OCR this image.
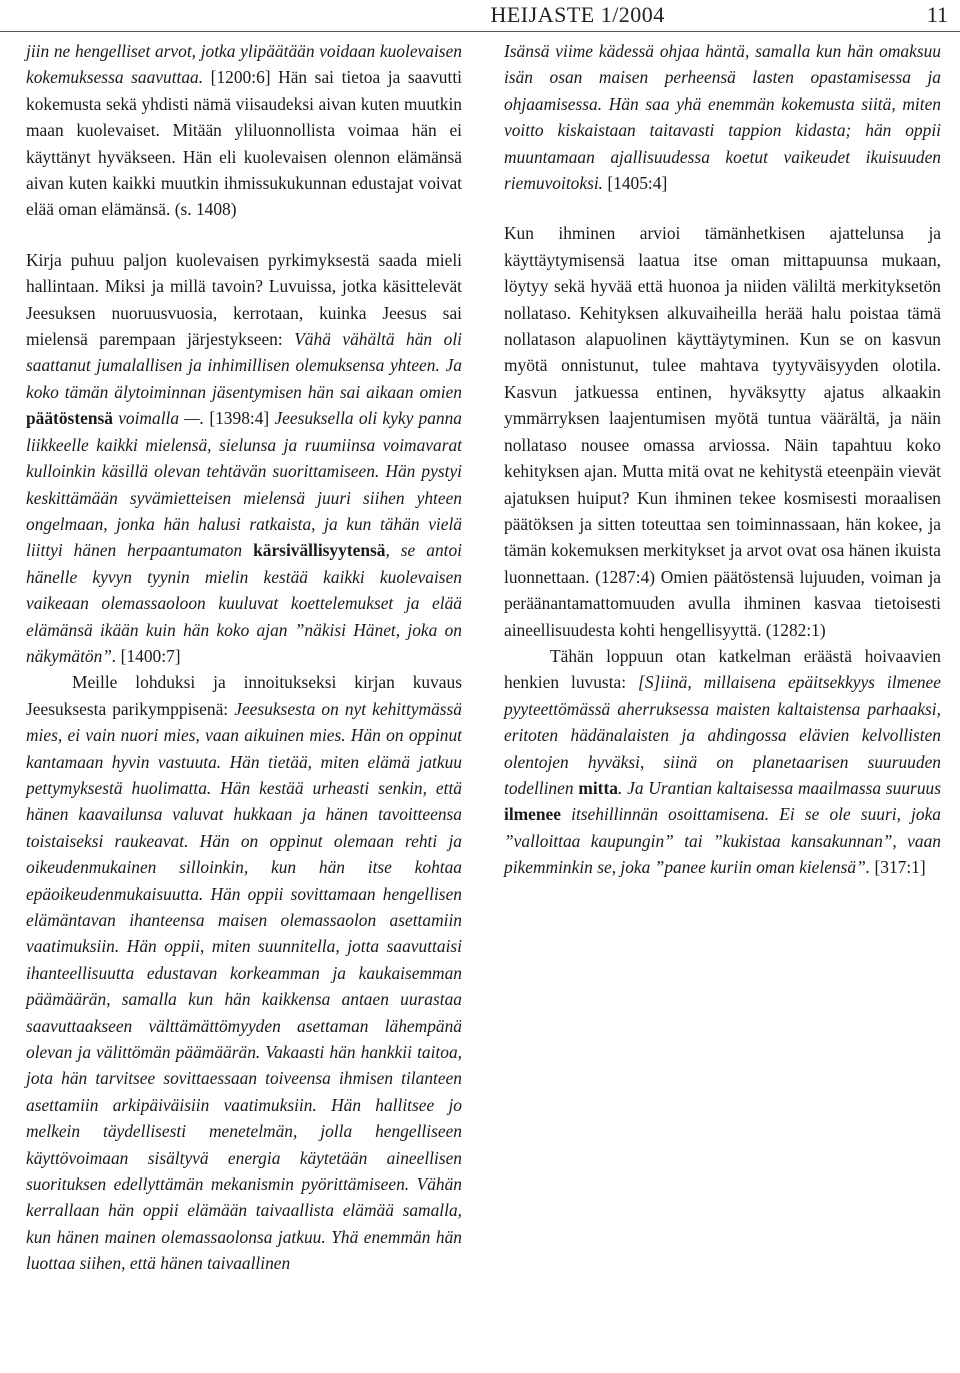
HEIJASTE 1/2004	11

jiin ne hengelliset arvot, jotka ylipäätään voidaan kuolevaisen kokemuksessa saavuttaa. [1200:6] Hän sai tietoa ja saavutti kokemusta sekä yhdisti nämä viisaudeksi aivan kuten muutkin maan kuolevaiset. Mitään yliluonnollista voimaa hän ei käyttänyt hyväkseen. Hän eli kuolevaisen olennon elämänsä aivan kuten kaikki muutkin ihmissukukunnan edustajat voivat elää oman elämänsä. (s. 1408)

Kirja puhuu paljon kuolevaisen pyrkimyksestä saada mieli hallintaan. Miksi ja millä tavoin? Luvuissa, jotka käsittelevät Jeesuksen nuoruusvuosia, kerrotaan, kuinka Jeesus sai mielensä parempaan järjestykseen: Vähä vähältä hän oli saattanut jumalallisen ja inhimillisen olemuksensa yhteen. Ja koko tämän älytoiminnan jäsentymisen hän sai aikaan omien päätöstensä voimalla —. [1398:4] Jeesuksella oli kyky panna liikkeelle kaikki mielensä, sielunsa ja ruumiinsa voimavarat kulloinkin käsillä olevan tehtävän suorittamiseen. Hän pystyi keskittämään syvämietteisen mielensä juuri siihen yhteen ongelmaan, jonka hän halusi ratkaista, ja kun tähän vielä liittyi hänen herpaantumaton kärsivällisyytensä, se antoi hänelle kyvyn tyynin mielin kestää kaikki kuolevaisen vaikeaan olemassaoloon kuuluvat koettelemukset ja elää elämänsä ikään kuin hän koko ajan ”näkisi Hänet, joka on näkymätön”. [1400:7]

Meille lohduksi ja innoitukseksi kirjan kuvaus Jeesuksesta parikymppisenä: Jeesuksesta on nyt kehittymässä mies, ei vain nuori mies, vaan aikuinen mies. Hän on oppinut kantamaan hyvin vastuuta. Hän tietää, miten elämä jatkuu pettymyksestä huolimatta. Hän kestää urheasti senkin, että hänen kaavailunsa valuvat hukkaan ja hänen tavoitteensa toistaiseksi raukeavat. Hän on oppinut olemaan rehti ja oikeudenmukainen silloinkin, kun hän itse kohtaa epäoikeudenmukaisuutta. Hän oppii sovittamaan hengellisen elämäntavan ihanteensa maisen olemassaolon asettamiin vaatimuksiin. Hän oppii, miten suunnitella, jotta saavuttaisi ihanteellisuutta edustavan korkeamman ja kaukaisemman päämäärän, samalla kun hän kaikkensa antaen uurastaa saavuttaakseen välttämättömyyden asettaman lähempänä olevan ja välittömän päämäärän. Vakaasti hän hankkii taitoa, jota hän tarvitsee sovittaessaan toiveensa ihmisen tilanteen asettamiin arkipäiväisiin vaatimuksiin. Hän hallitsee jo melkein täydellisesti menetelmän, jolla hengelliseen käyttövoimaan sisältyvä energia käytetään aineellisen suorituksen edellyttämän mekanismin pyörittämiseen. Vähän kerrallaan hän oppii elämään taivaallista elämää samalla, kun hänen mainen olemassaolonsa jatkuu. Yhä enemmän hän luottaa siihen, että hänen taivaallinen

Isänsä viime kädessä ohjaa häntä, samalla kun hän omaksuu isän osan maisen perheensä lasten opastamisessa ja ohjaamisessa. Hän saa yhä enemmän kokemusta siitä, miten voitto kiskaistaan taitavasti tappion kidasta; hän oppii muuntamaan ajallisuudessa koetut vaikeudet ikuisuuden riemuvoitoksi. [1405:4]

Kun ihminen arvioi tämänhetkisen ajattelunsa ja käyttäytymisensä laatua itse oman mittapuunsa mukaan, löytyy sekä hyvää että huonoa ja niiden väliltä merkityksetön nollataso. Kehityksen alkuvaiheilla herää halu poistaa tämä nollatason alapuolinen käyttäytyminen. Kun se on kasvun myötä onnistunut, tulee mahtava tyytyväisyyden olotila. Kasvun jatkuessa entinen, hyväksytty ajatus alkaakin ymmärryksen laajentumisen myötä tuntua väärältä, ja näin nollataso nousee omassa arviossa. Näin tapahtuu koko kehityksen ajan. Mutta mitä ovat ne kehitystä eteenpäin vievät ajatuksen huiput? Kun ihminen tekee kosmisesti moraalisen päätöksen ja sitten toteuttaa sen toiminnassaan, hän kokee, ja tämän kokemuksen merkitykset ja arvot ovat osa hänen ikuista luonnettaan. (1287:4) Omien päätöstensä lujuuden, voiman ja peräänantamattomuuden avulla ihminen kasvaa tietoisesti aineellisuudesta kohti hengellisyyttä. (1282:1)

Tähän loppuun otan katkelman eräästä hoivaavien henkien luvusta: [S]iinä, millaisena epäitsekkyys ilmenee pyyteettömässä aherruksessa maisten kaltaistensa parhaaksi, eritoten hädänalaisten ja ahdingossa elävien kelvollisten olentojen hyväksi, siinä on planetaarisen suuruuden todellinen mitta. Ja Urantian kaltaisessa maailmassa suuruus ilmenee itsehillinnän osoittamisena. Ei se ole suuri, joka ”valloittaa kaupungin” tai ”kukistaa kansakunnan”, vaan pikemminkin se, joka ”panee kuriin oman kielensä”. [317:1]
